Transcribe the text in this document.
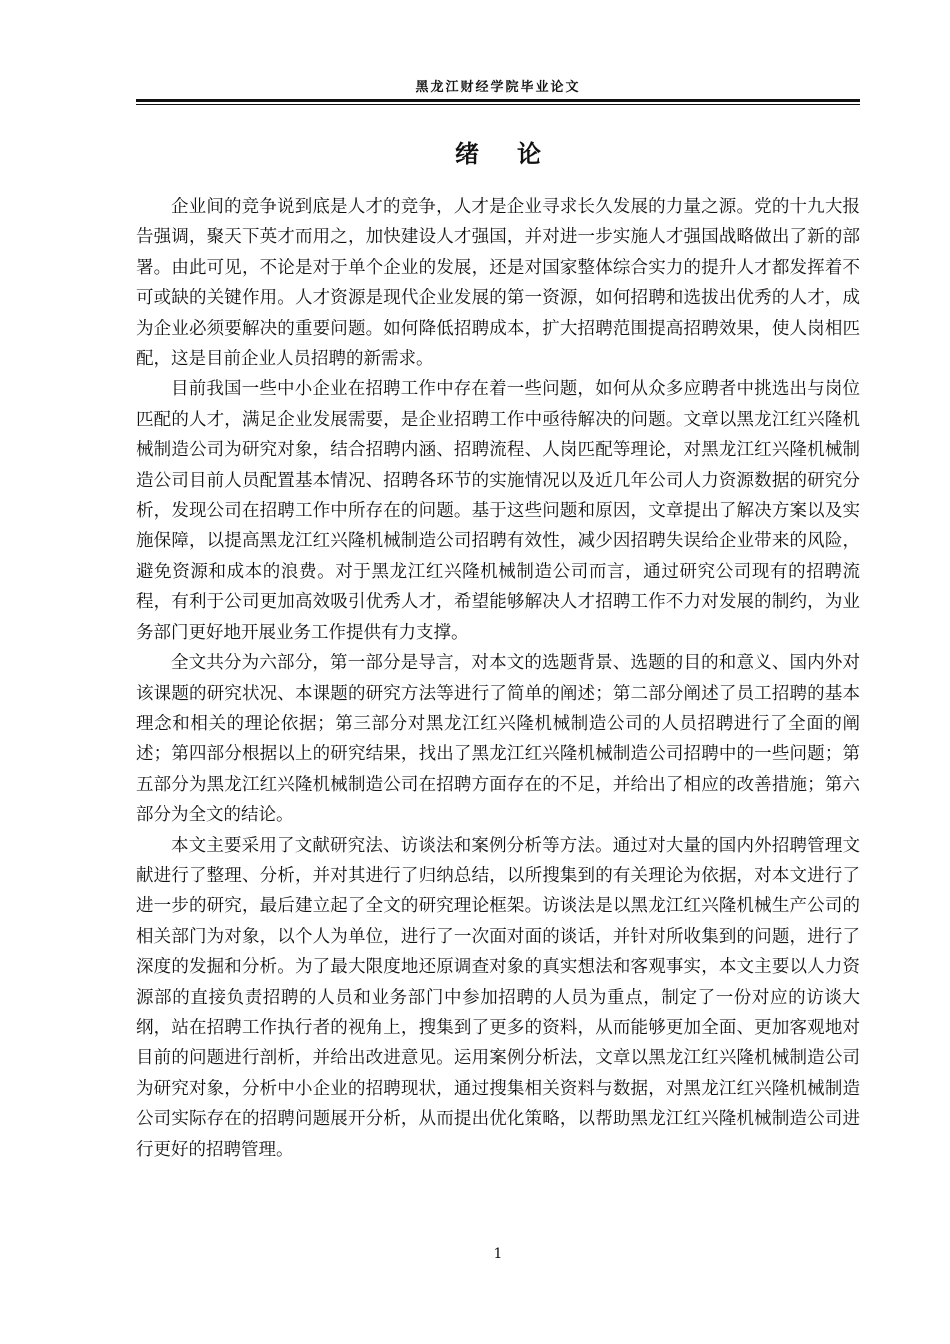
黑龙江财经学院毕业论文
绪论

企业间的竞争说到底是人才的竞争，人才是企业寻求长久发展的力量之源。党的十九大报告强调，聚天下英才而用之，加快建设人才强国，并对进一步实施人才强国战略做出了新的部署。由此可见，不论是对于单个企业的发展，还是对国家整体综合实力的提升人才都发挥着不可或缺的关键作用。人才资源是现代企业发展的第一资源，如何招聘和选拔出优秀的人才，成为企业必须要解决的重要问题。如何降低招聘成本，扩大招聘范围提高招聘效果，使人岗相匹配，这是目前企业人员招聘的新需求。

目前我国一些中小企业在招聘工作中存在着一些问题，如何从众多应聘者中挑选出与岗位匹配的人才，满足企业发展需要，是企业招聘工作中亟待解决的问题。文章以黑龙江红兴隆机械制造公司为研究对象，结合招聘内涵、招聘流程、人岗匹配等理论，对黑龙江红兴隆机械制造公司目前人员配置基本情况、招聘各环节的实施情况以及近几年公司人力资源数据的研究分析，发现公司在招聘工作中所存在的问题。基于这些问题和原因，文章提出了解决方案以及实施保障，以提高黑龙江红兴隆机械制造公司招聘有效性，减少因招聘失误给企业带来的风险，避免资源和成本的浪费。对于黑龙江红兴隆机械制造公司而言，通过研究公司现有的招聘流程，有利于公司更加高效吸引优秀人才，希望能够解决人才招聘工作不力对发展的制约，为业务部门更好地开展业务工作提供有力支撑。

全文共分为六部分，第一部分是导言，对本文的选题背景、选题的目的和意义、国内外对该课题的研究状况、本课题的研究方法等进行了简单的阐述；第二部分阐述了员工招聘的基本理念和相关的理论依据；第三部分对黑龙江红兴隆机械制造公司的人员招聘进行了全面的阐述；第四部分根据以上的研究结果，找出了黑龙江红兴隆机械制造公司招聘中的一些问题；第五部分为黑龙江红兴隆机械制造公司在招聘方面存在的不足，并给出了相应的改善措施；第六部分为全文的结论。

本文主要采用了文献研究法、访谈法和案例分析等方法。通过对大量的国内外招聘管理文献进行了整理、分析，并对其进行了归纳总结，以所搜集到的有关理论为依据，对本文进行了进一步的研究，最后建立起了全文的研究理论框架。访谈法是以黑龙江红兴隆机械生产公司的相关部门为对象，以个人为单位，进行了一次面对面的谈话，并针对所收集到的问题，进行了深度的发掘和分析。为了最大限度地还原调查对象的真实想法和客观事实，本文主要以人力资源部的直接负责招聘的人员和业务部门中参加招聘的人员为重点，制定了一份对应的访谈大纲，站在招聘工作执行者的视角上，搜集到了更多的资料，从而能够更加全面、更加客观地对目前的问题进行剖析，并给出改进意见。运用案例分析法，文章以黑龙江红兴隆机械制造公司为研究对象，分析中小企业的招聘现状，通过搜集相关资料与数据，对黑龙江红兴隆机械制造公司实际存在的招聘问题展开分析，从而提出优化策略，以帮助黑龙江红兴隆机械制造公司进行更好的招聘管理。

1
